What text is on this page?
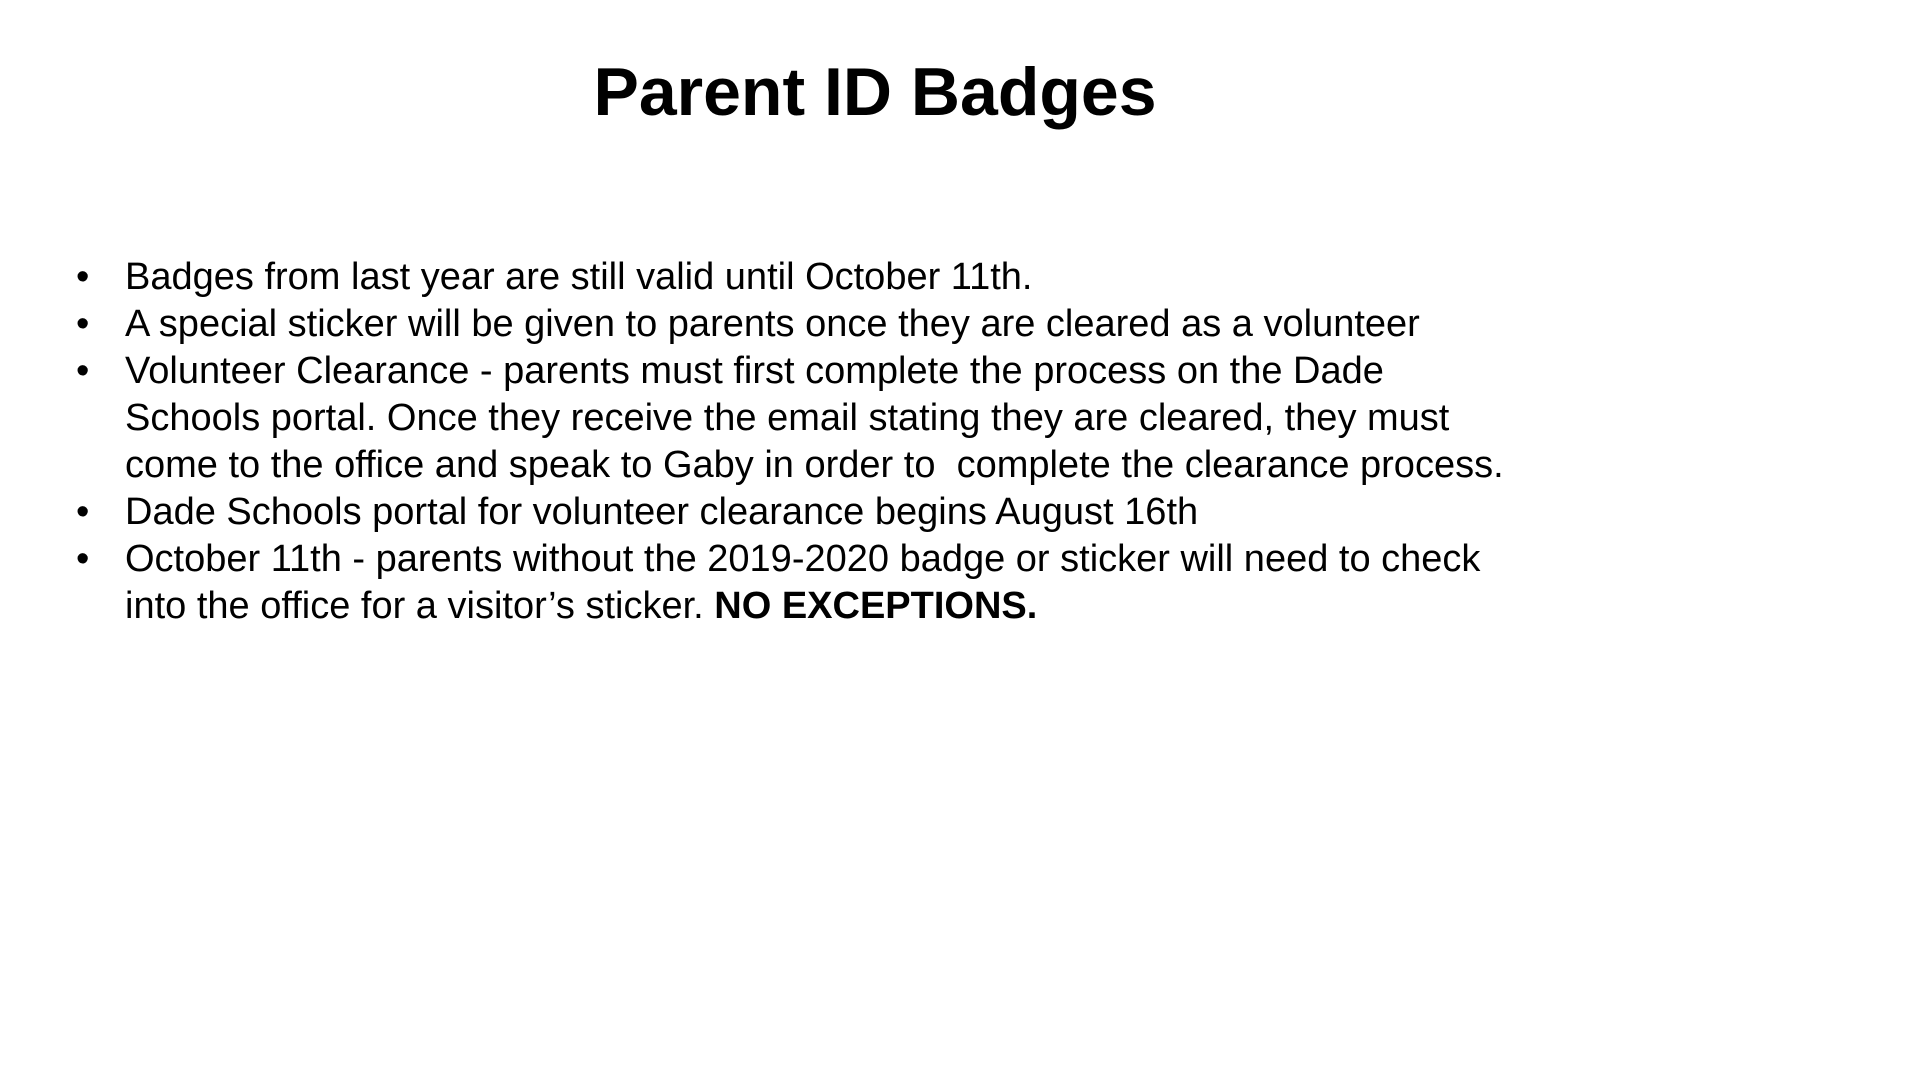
Parent ID Badges
• Badges from last year are still valid until October 11th.
• A special sticker will be given to parents once they are cleared as a volunteer
• Volunteer Clearance - parents must first complete the process on the Dade
Schools portal. Once they receive the email stating they are cleared, they must
come to the office and speak to Gaby in order to  complete the clearance process.
• Dade Schools portal for volunteer clearance begins August 16th
• October 11th - parents without the 2019-2020 badge or sticker will need to check
into the office for a visitor’s sticker. NO EXCEPTIONS.
